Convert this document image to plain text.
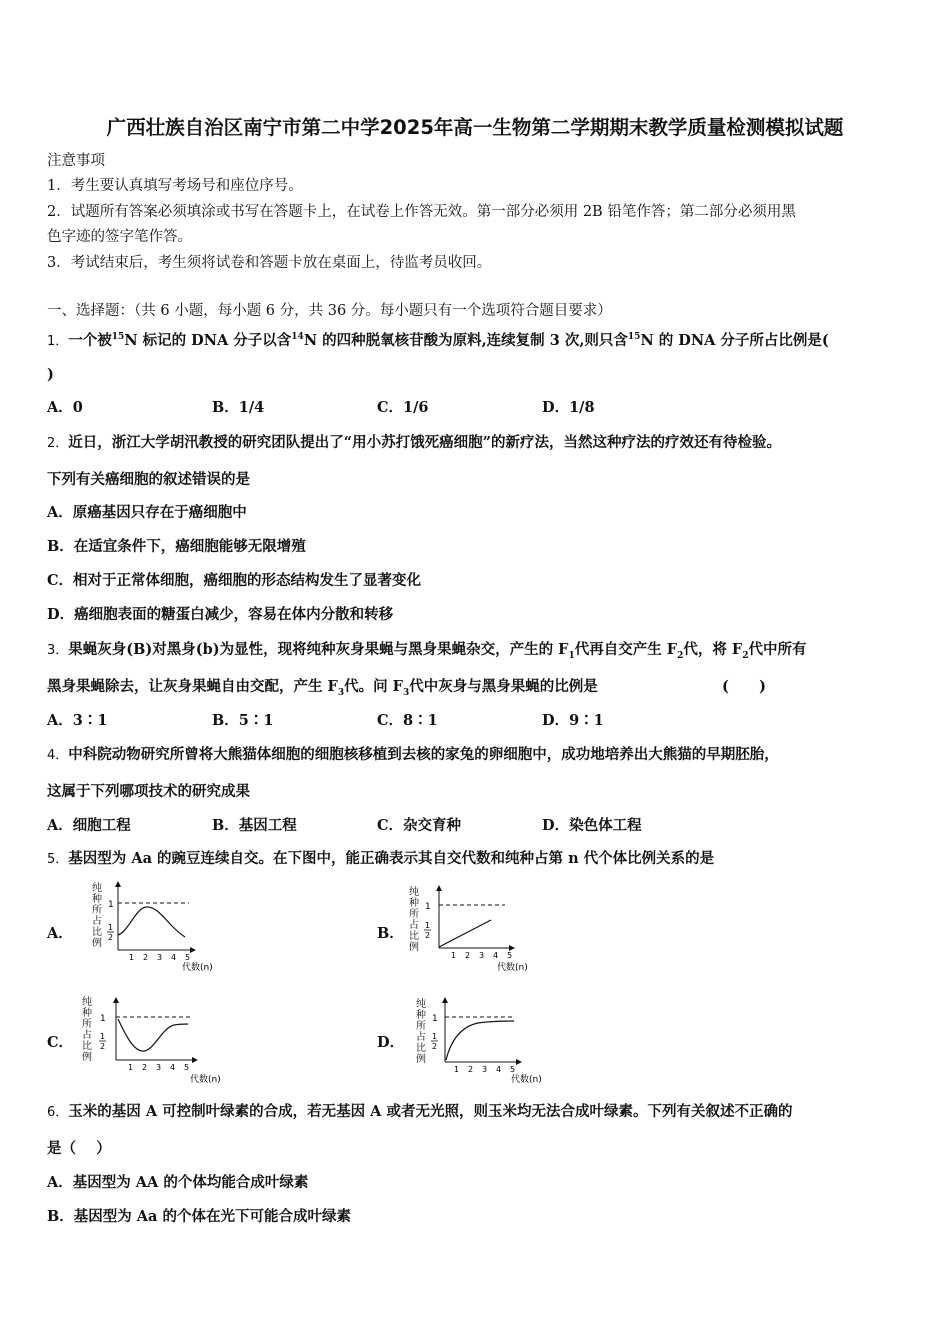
广西壮族自治区南宁市第二中学2025年高一生物第二学期期末教学质量检测模拟试题
注意事项
1．考生要认真填写考场号和座位序号。
2．试题所有答案必须填涂或书写在答题卡上，在试卷上作答无效。第一部分必须用 2B 铅笔作答；第二部分必须用黑
色字迹的签字笔作答。
3．考试结束后，考生须将试卷和答题卡放在桌面上，待监考员收回。
一、选择题：（共 6 小题，每小题 6 分，共 36 分。每小题只有一个选项符合题目要求）
1．一个被$^{15}$N 标记的 DNA 分子以含$^{14}$N 的四种脱氧核苷酸为原料,连续复制 3 次,则只含$^{15}$N 的 DNA 分子所占比例是(
)
A．0	B．1/4	C．1/6	D．1/8
2．近日，浙江大学胡汛教授的研究团队提出了“用小苏打饿死癌细胞”的新疗法，当然这种疗法的疗效还有待检验。
下列有关癌细胞的叙述错误的是
A．原癌基因只存在于癌细胞中
B．在适宜条件下，癌细胞能够无限增殖
C．相对于正常体细胞，癌细胞的形态结构发生了显著变化
D．癌细胞表面的糖蛋白减少，容易在体内分散和转移
3．果蝇灰身(B)对黑身(b)为显性，现将纯种灰身果蝇与黑身果蝇杂交，产生的 $F_1$代再自交产生 $F_2$代，将 $F_2$代中所有
黑身果蝇除去，让灰身果蝇自由交配，产生 $F_3$代。问 $F_3$代中灰身与黑身果蝇的比例是	(      )
A．3∶1	B．5∶1	C．8∶1	D．9∶1
4．中科院动物研究所曾将大熊猫体细胞的细胞核移植到去核的家兔的卵细胞中，成功地培养出大熊猫的早期胚胎，
这属于下列哪项技术的研究成果
A．细胞工程	B．基因工程	C．杂交育种	D．染色体工程
5．基因型为 Aa 的豌豆连续自交。在下图中，能正确表示其自交代数和纯种占第 n 代个体比例关系的是
A．	B．
C．	D．
纯
种
所
占
比
例
1
1
2
1 2 3 4 5
代数(n)
纯
种
所
占
比
例
1
1
2
1 2 3 4 5
代数(n)
纯
种
所
占
比
例
1
1
2
1 2 3 4 5
代数(n)
纯
种
所
占
比
例
1
1
2
1 2 3 4 5
代数(n)
6．玉米的基因 A 可控制叶绿素的合成，若无基因 A 或者无光照，则玉米均无法合成叶绿素。下列有关叙述不正确的
是（    ）
A．基因型为 AA 的个体均能合成叶绿素
B．基因型为 Aa 的个体在光下可能合成叶绿素
